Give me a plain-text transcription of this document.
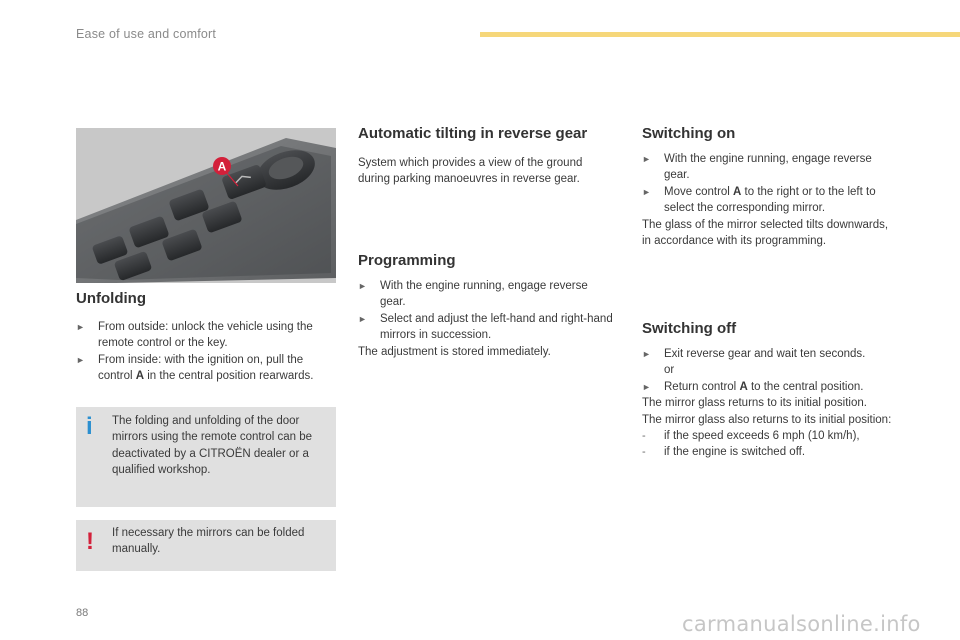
Ease of use and comfort
A
Unfolding
►	From outside: unlock the vehicle using the remote control or the key.
►	From inside: with the ignition on, pull the control A in the central position rearwards.
i The folding and unfolding of the door mirrors using the remote control can be deactivated by a CITROËN dealer or a qualified workshop.
! If necessary the mirrors can be folded manually.
Automatic tilting in reverse gear

System which provides a view of the ground during parking manoeuvres in reverse gear.

Programming
►	With the engine running, engage reverse gear.
►	Select and adjust the left-hand and right-hand mirrors in succession.

The adjustment is stored immediately.

Switching on
►	With the engine running, engage reverse gear.
►	Move control A to the right or to the left to select the corresponding mirror.

The glass of the mirror selected tilts downwards, in accordance with its programming.

Switching off
►	Exit reverse gear and wait ten seconds.
or
►	Return control A to the central position.

The mirror glass returns to its initial position.

The mirror glass also returns to its initial position:

-	if the speed exceeds 6 mph (10 km/h),
-	if the engine is switched off.
88	carmanualsonline.info
